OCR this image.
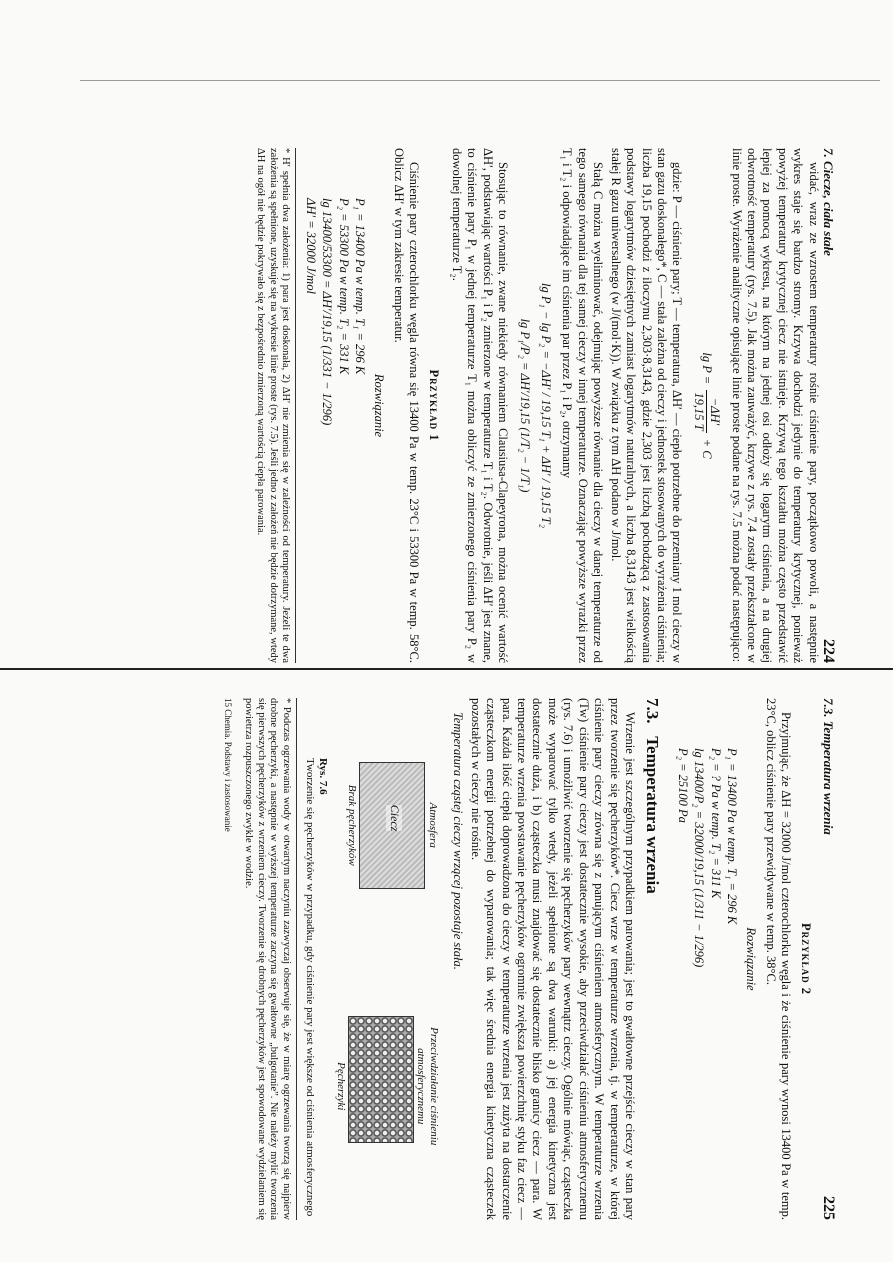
7. Ciecze, ciała stałe
224

widać, wraz ze wzrostem temperatury rośnie ciśnienie pary, początkowo powoli, a następnie wykres staje się bardzo stromy. Krzywa dochodzi jedynie do temperatury krytycznej, ponieważ powyżej temperatury krytycznej ciecz nie istnieje. Krzywą tego kształtu można często przedstawić lepiej za pomocą wykresu, na którym na jednej osi odłoży się logarytm ciśnienia, a na drugiej odwrotność temperatury (rys. 7.5). Jak można zauważyć, krzywe z rys. 7.4 zostały przekształcone w linie proste. Wyrażenie analityczne opisujące linie proste podane na rys. 7.5 można podać następująco:

lg P =
−ΔH′
19,15 T
+ C

gdzie: P — ciśnienie pary; T — temperatura, ΔH′ — ciepło potrzebne do przemiany 1 mol cieczy w stan gazu doskonałego*, C — stała zależna od cieczy i jednostek stosowanych do wyrażenia ciśnienia; liczba 19,15 pochodzi z iloczynu 2,303·8,3143, gdzie 2,303 jest liczbą pochodzącą z zastosowania podstawy logarytmów dziesiętnych zamiast logarytmów naturalnych, a liczba 8,3143 jest wielkością stałej R gazu uniwersalnego (w J/(mol·K)). W związku z tym ΔH podano w J/mol.

Stałą C można wyeliminować, odejmując powyższe równanie dla cieczy w danej temperaturze od tego samego równania dla tej samej cieczy w innej temperaturze. Oznaczając powyższe wyrazki przez T₁ i T₂ i odpowiadające im ciśnienia par przez P₁ i P₂, otrzymamy

lg P₁ − lg P₂ = −ΔH′ / 19,15 T₁ + ΔH′ / 19,15 T₂
lg P₁/P₂ = ΔH′/19,15 (1/T₂ − 1/T₁)

Stosując to równanie, zwane niekiedy równaniem Clausiusa-Clapeyrona, można ocenić wartość ΔH′, podstawiając wartości P₁ i P₂ zmierzone w temperaturze T₁ i T₂. Odwrotnie, jeśli ΔH′ jest znane, to ciśnienie pary P₁ w jednej temperaturze T₁ można obliczyć ze zmierzonego ciśnienia pary P₂ w dowolnej temperaturze T₂.

Przykład 1

Ciśnienie pary czterochlorku węgla równa się 13400 Pa w temp. 23°C i 53300 Pa w temp. 58°C. Oblicz ΔH′ w tym zakresie temperatur.

Rozwiązanie
P₁ = 13400 Pa w temp. T₁ = 296 K
P₂ = 53300 Pa w temp. T₂ = 331 K
lg 13400/53300 = ΔH′/19,15 (1/331 − 1/296)
ΔH′ = 32000 J/mol
* H′ spełnia dwa założenia: 1) para jest doskonała, 2) ΔH′ nie zmienia się w zależności od temperatury. Jeżeli te dwa założenia są spełnione, uzyskuje się na wykresie linie proste (rys. 7.5). Jeśli jedno z założeń nie będzie dotrzymane, wtedy ΔH na ogół nie będzie pokrywało się z bezpośrednio zmierzoną wartością ciepła parowania.
7.3. Temperatura wrzenia
225
Przykład 2

Przyjmując, że ΔH = 32000 J/mol czterochlorku węgla i że ciśnienie pary wynosi 13400 Pa w temp. 23°C, oblicz ciśnienie pary przewidywane w temp. 38°C.

Rozwiązanie
P₁ = 13400 Pa w temp. T₁ = 296 K
P₂ = ? Pa w temp. T₂ = 311 K
lg 13400/P₂ = 32000/19,15 (1/311 − 1/296)
P₂ = 25100 Pa
7.3.   Temperatura wrzenia

Wrzenie jest szczególnym przypadkiem parowania; jest to gwałtowne przejście cieczy w stan pary przez tworzenie się pęcherzyków*. Ciecz wrze w temperaturze wrzenia, tj. w temperaturze, w której ciśnienie pary cieczy zrówna się z panującym ciśnieniem atmosferycznym. W temperaturze wrzenia (Tw) ciśnienie pary cieczy jest dostatecznie wysokie, aby przeciwdziałać ciśnieniu atmosferycznemu (rys. 7.6) i umożliwić tworzenie się pęcherzyków pary wewnątrz cieczy. Ogólnie mówiąc, cząsteczka może wyparować tylko wtedy, jeżeli spełnione są dwa warunki: a) jej energia kinetyczna jest dostatecznie duża, i b) cząsteczka musi znajdować się dostatecznie blisko granicy ciecz — para. W temperaturze wrzenia powstawanie pęcherzyków ogromnie zwiększa powierzchnię styku faz ciecz — para. Każda ilość ciepła doprowadzona do cieczy w temperaturze wrzenia jest zużyta na dostarczenie cząsteczkom energii potrzebnej do wyparowania; tak więc średnia energia kinetyczna cząsteczek pozostałych w cieczy nie rośnie.

Temperatura cząstej cieczy wrzącej pozostaje stała.

Atmosfera
Ciecz
Brak pęcherzyków
Przeciwdziałanie ciśnieniu atmosferycznemu
Pęcherzyki
Rys. 7.6
Tworzenie się pęcherzyków w przypadku, gdy ciśnienie pary jest większe od ciśnienia atmosferycznego
* Podczas ogrzewania wody w otwartym naczyniu zazwyczaj obserwuje się, że w miarę ogrzewania tworzą się najpierw drobne pęcherzyki, a następnie w wyższej temperaturze zaczyna się gwałtowne „bulgotanie”. Nie należy mylić tworzenia się pierwszych pęcherzyków z wrzeniem cieczy. Tworzenie się drobnych pęcherzyków jest spowodowane wydzielaniem się powietrza rozpuszczonego zwykle w wodzie.
15 Chemia. Podstawy i zastosowanie
